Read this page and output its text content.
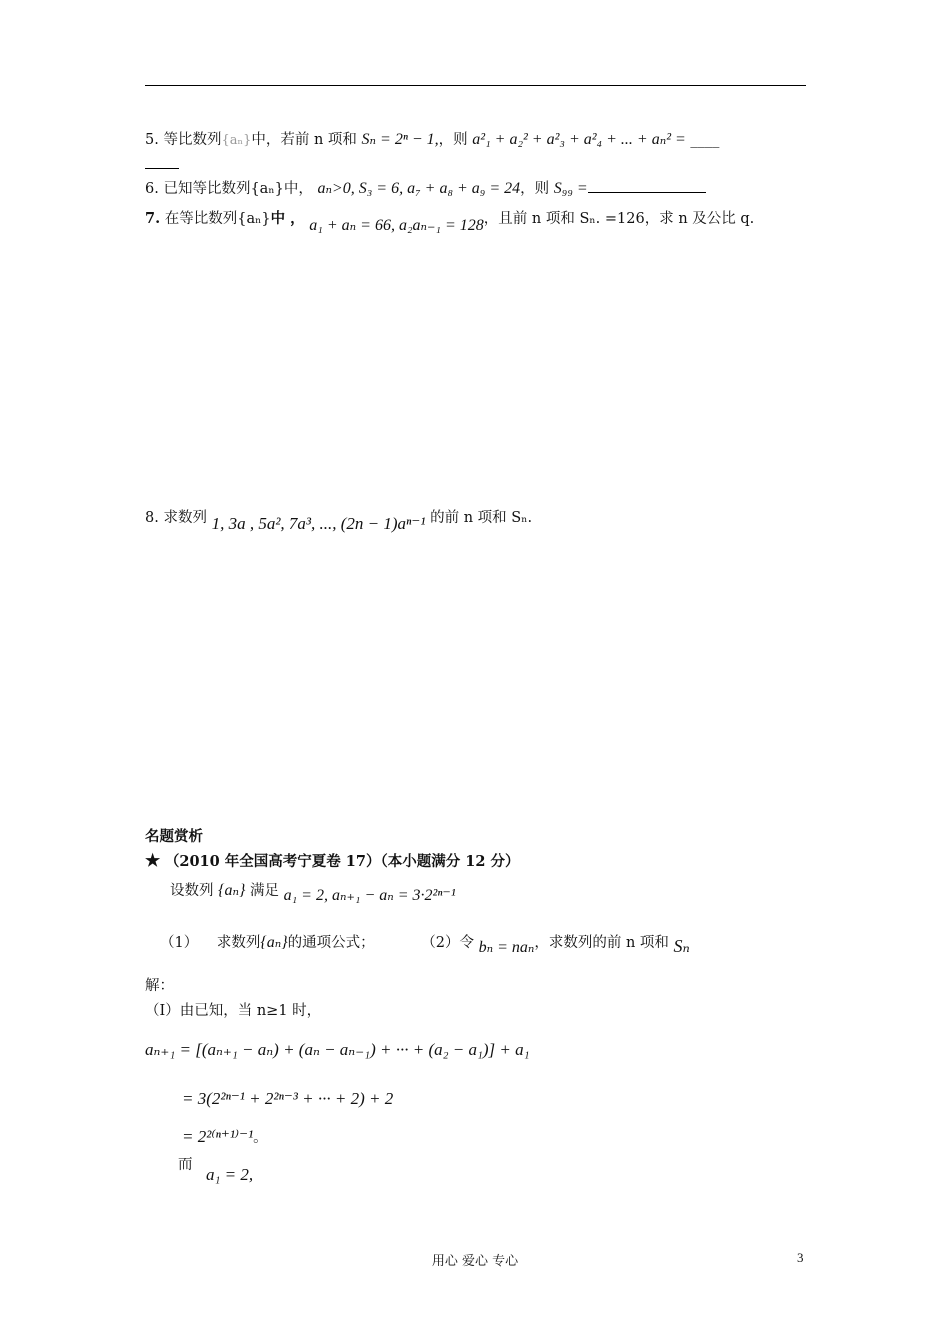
5. 等比数列{aₙ}中，若前 n 项和 Sₙ = 2ⁿ − 1,，则 a²₁ + a₂² + a²₃ + a²₄ + ... + aₙ² = ____
6. 已知等比数列{aₙ}中， aₙ>0, S₃ = 6, a₇ + a₈ + a₉ = 24，则 S₉₉ =
7. 在等比数列{aₙ}中 ， a₁ + aₙ = 66, a₂aₙ₋₁ = 128，且前 n 项和 Sₙ. =126，求 n 及公比 q.
8. 求数列 1, 3a , 5a², 7a³, ..., (2n − 1)aⁿ⁻¹ 的前 n 项和 Sₙ.
名题赏析
★ （2010 年全国高考宁夏卷 17）（本小题满分 12 分）
设数列 {aₙ} 满足 a₁ = 2, aₙ₊₁ − aₙ = 3·2²ⁿ⁻¹
（1） 求数列{aₙ}的通项公式；	（2）令 bₙ = naₙ，求数列的前 n 项和 Sₙ
解：
（Ⅰ）由已知，当 n≥1 时，
aₙ₊₁ = [(aₙ₊₁ − aₙ) + (aₙ − aₙ₋₁) + ··· + (a₂ − a₁)] + a₁
= 3(2²ⁿ⁻¹ + 2²ⁿ⁻³ + ··· + 2) + 2
= 2²⁽ⁿ⁺¹⁾⁻¹。
而 a₁ = 2,
用心 爱心 专心	3
